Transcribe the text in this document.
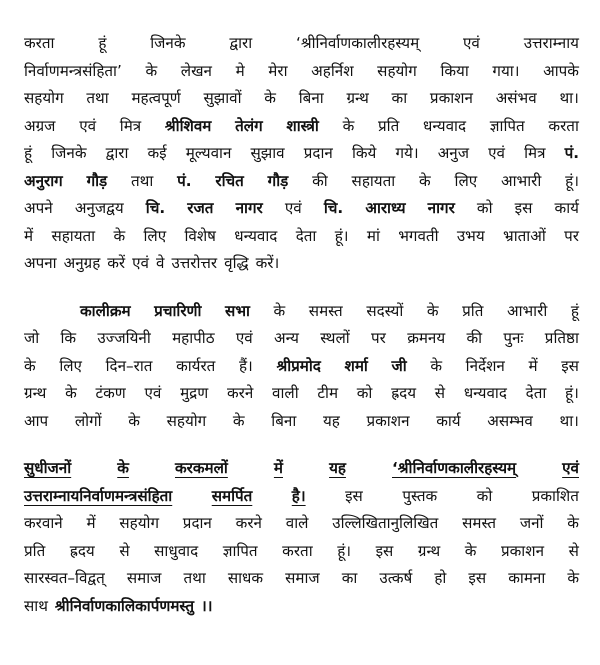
करता	हूं	जिनके	द्वारा	‘श्रीनिर्वाणकालीरहस्यम्	एवं	उत्तराम्नाय
निर्वाणमन्त्रसंहिता’ के लेखन मे मेरा अहर्निश सहयोग किया गया। आपके
सहयोग तथा महत्वपूर्ण सुझावों के बिना ग्रन्थ का प्रकाशन असंभव था।
अग्रज एवं मित्र श्रीशिवम तेलंग शास्त्री के प्रति धन्यवाद ज्ञापित करता
हूं जिनके द्वारा कई मूल्यवान सुझाव प्रदान किये गये। अनुज एवं मित्र पं.
अनुराग गौड़ तथा पं. रचित गौड़ की सहायता के लिए आभारी हूं।
अपने अनुजद्वय चि. रजत नागर एवं चि. आराध्य नागर को इस कार्य
में सहायता के लिए विशेष धन्यवाद देता हूं। मां भगवती उभय भ्राताओं पर
अपना अनुग्रह करें एवं वे उत्तरोत्तर वृद्धि करें।
कालीक्रम प्रचारिणी सभा के समस्त सदस्यों के प्रति आभारी हूं
जो कि उज्जयिनी महापीठ एवं अन्य स्थलों पर क्रमनय की पुनः प्रतिष्ठा
के लिए दिन–रात कार्यरत हैं। श्रीप्रमोद शर्मा जी के निर्देशन में इस
ग्रन्थ के टंकण एवं मुद्रण करने वाली टीम को ह्रदय से धन्यवाद देता हूं।
आप लोगों के सहयोग के बिना यह प्रकाशन कार्य असम्भव था।
सुधीजनों	के	करकमलों	में	यह	‘श्रीनिर्वाणकालीरहस्यम्	एवं
उत्तराम्नायनिर्वाणमन्त्रसंहिता	समर्पित	है।	इस	पुस्तक	को	प्रकाशित
करवाने में सहयोग प्रदान करने वाले उल्लिखितानुलिखित समस्त जनों के
प्रति ह्रदय से साधुवाद ज्ञापित करता हूं। इस ग्रन्थ के प्रकाशन से
सारस्वत–विद्वत् समाज तथा साधक समाज का उत्कर्ष हो इस कामना के
साथ श्रीनिर्वाणकालिकार्पणमस्तु ।।
